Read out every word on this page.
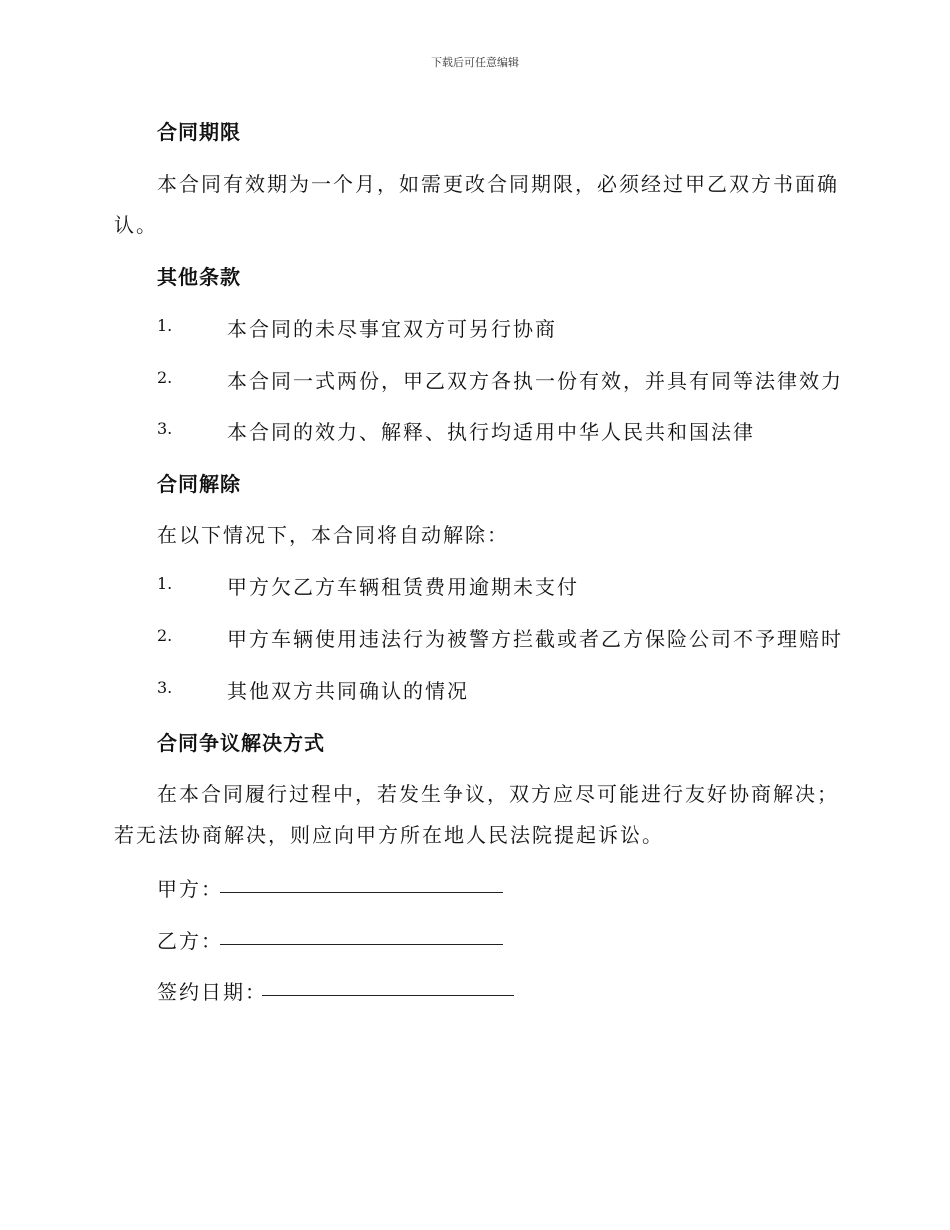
下载后可任意编辑
合同期限
本合同有效期为一个月，如需更改合同期限，必须经过甲乙双方书面确
认。
其他条款
1.	本合同的未尽事宜双方可另行协商
2.	本合同一式两份，甲乙双方各执一份有效，并具有同等法律效力
3.	本合同的效力、解释、执行均适用中华人民共和国法律
合同解除
在以下情况下，本合同将自动解除：
1.	甲方欠乙方车辆租赁费用逾期未支付
2.	甲方车辆使用违法行为被警方拦截或者乙方保险公司不予理赔时
3.	其他双方共同确认的情况
合同争议解决方式
在本合同履行过程中，若发生争议，双方应尽可能进行友好协商解决；
若无法协商解决，则应向甲方所在地人民法院提起诉讼。
甲方：
乙方：
签约日期：
